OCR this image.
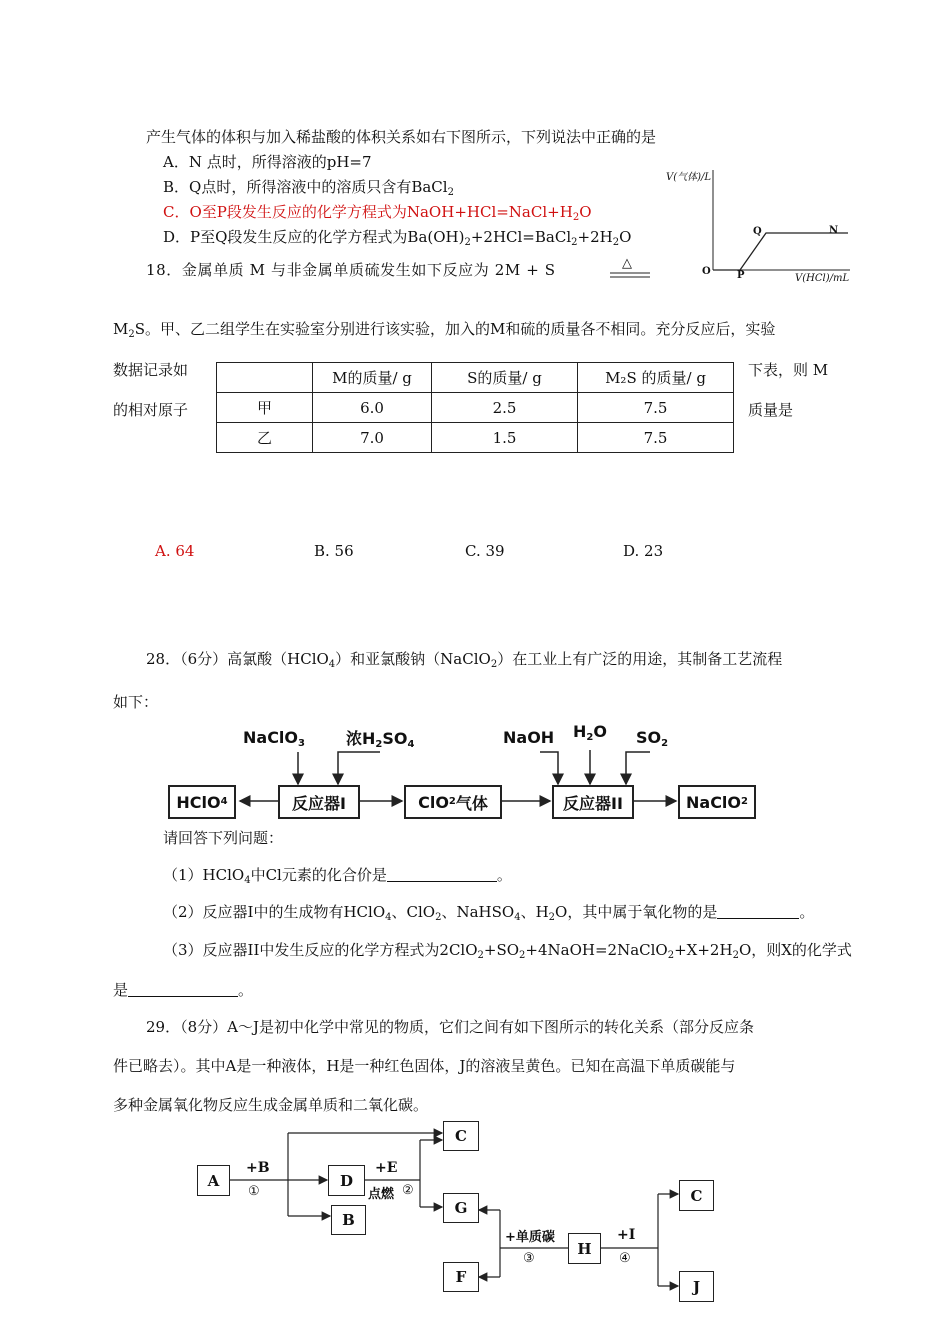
产生气体的体积与加入稀盐酸的体积关系如右下图所示，下列说法中正确的是
A．N 点时，所得溶液的pH=7
B．Q点时，所得溶液中的溶质只含有BaCl$_2$
C．O至P段发生反应的化学方程式为$NaOH+HCl=NaCl+H_2O$
D．P至Q段发生反应的化学方程式为$Ba(OH)_2+2HCl=BaCl_2+2H_2O$
V(气体)/L
V(HCl)/mL
O	P
Q	N
18．金属单质 M 与非金属单质硫发生如下反应为 2M + S	△
$M_2S$。甲、乙二组学生在实验室分别进行该实验，加入的M和硫的质量各不相同。充分反应后，实验
数据记录如
的相对原子
下表，则 M
质量是
	M的质量/ g	S的质量/ g	M₂S 的质量/ g
甲	6.0	2.5	7.5
乙	7.0	1.5	7.5
A. 64	B. 56	C. 39	D. 23
28．（6分）高氯酸（HClO$_4$）和亚氯酸钠（NaClO$_2$）在工业上有广泛的用途，其制备工艺流程
如下：
NaClO$_3$	浓$H_2SO_4$	NaOH $H_2O$ $SO_2$
HClO 4	反应器I	ClO 2 气体	反应器II	NaClO 2
请回答下列问题：
（1）HClO$_4$中Cl元素的化合价是	。
（2）反应器I中的生成物有HClO$_4$、ClO$_2$、NaHSO$_4$、$H_2O$，其中属于氧化物的是	。
（3）反应器II中发生反应的化学方程式为$2ClO_2+SO_2+4NaOH=2NaClO_2+X+2H_2O$，则X的化学式
是	。
29．（8分）A～J是初中化学中常见的物质，它们之间有如下图所示的转化关系（部分反应条
件已略去）。其中A是一种液体，H是一种红色固体，J的溶液呈黄色。已知在高温下单质碳能与
多种金属氧化物反应生成金属单质和二氧化碳。
A	D
B
C
G
F
H
C
J
+B
①
+E
点燃 ②
+单质碳
③
+I
④
